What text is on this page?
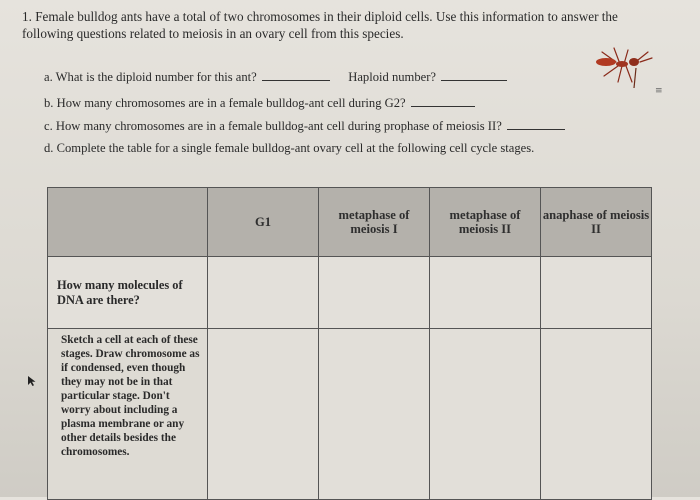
1. Female bulldog ants have a total of two chromosomes in their diploid cells. Use this information to answer the following questions related to meiosis in an ovary cell from this species.
a. What is the diploid number for this ant?	Haploid number?
b. How many chromosomes are in a female bulldog-ant cell during G2?
c. How many chromosomes are in a female bulldog-ant cell during prophase of meiosis II?
d. Complete the table for a single female bulldog-ant ovary cell at the following cell cycle stages.
≡
	G1	metaphase of meiosis I	metaphase of meiosis II	anaphase of meiosis II
How many molecules of DNA are there?				
Sketch a cell at each of these stages. Draw chromosome as if condensed, even though they may not be in that particular stage. Don't worry about including a plasma membrane or any other details besides the chromosomes.				
